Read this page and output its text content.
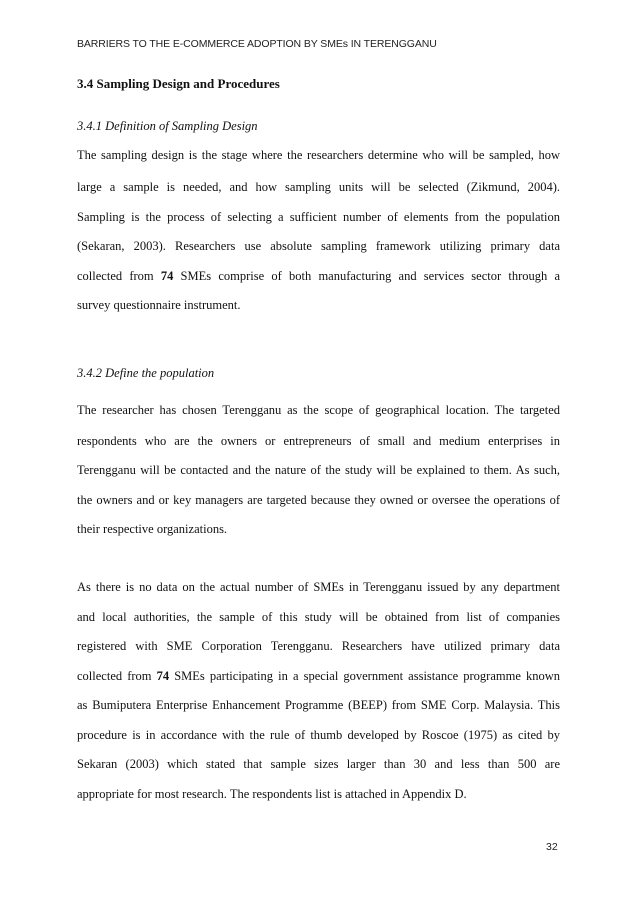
BARRIERS TO THE E-COMMERCE ADOPTION BY SMEs IN TERENGGANU
3.4 Sampling Design and Procedures
3.4.1 Definition of Sampling Design
The sampling design is the stage where the researchers determine who will be sampled, how
large a sample is needed, and how sampling units will be selected (Zikmund, 2004).
Sampling is the process of selecting a sufficient number of elements from the population
(Sekaran, 2003). Researchers use absolute sampling framework utilizing primary data
collected from 74 SMEs comprise of both manufacturing and services sector through a
survey questionnaire instrument.
3.4.2 Define the population
The researcher has chosen Terengganu as the scope of geographical location. The targeted
respondents who are the owners or entrepreneurs of small and medium enterprises in
Terengganu will be contacted and the nature of the study will be explained to them. As such,
the owners and or key managers are targeted because they owned or oversee the operations of
their respective organizations.
As there is no data on the actual number of SMEs in Terengganu issued by any department
and local authorities, the sample of this study will be obtained from list of companies
registered with SME Corporation Terengganu. Researchers have utilized primary data
collected from 74 SMEs participating in a special government assistance programme known
as Bumiputera Enterprise Enhancement Programme (BEEP) from SME Corp. Malaysia. This
procedure is in accordance with the rule of thumb developed by Roscoe (1975) as cited by
Sekaran (2003) which stated that sample sizes larger than 30 and less than 500 are
appropriate for most research. The respondents list is attached in Appendix D.
32
